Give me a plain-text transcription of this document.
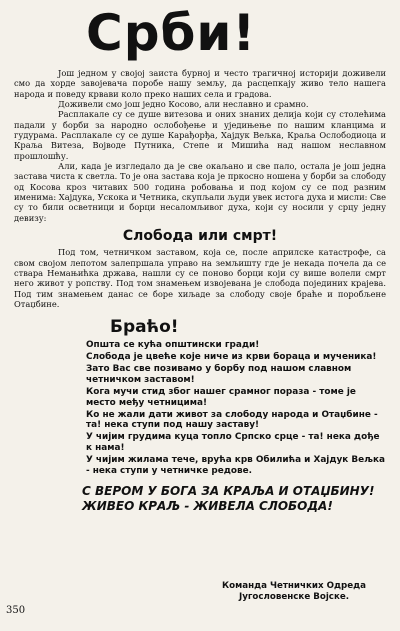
Срби!

Још једном у својој заиста бурној и често трагичној историји доживели смо да хорде завојевача поробе нашу земљу, да расцепкају живо тело нашега народа и поведу крвави коло преко наших села и градова.

Доживели смо још једно Косово, али неславно и срамно.

Расплакале су се душе витезова и оних знаних делија који су столећима падали у борби за народно ослобођење и уједињење по нашим кланцима и гудурама. Расплакале су се душе Карађорђа, Хајдук Вељка, Краља Ослободиоца и Краља Витеза, Војводе Путника, Степе и Мишића над нашом неславном прошлошћу.

Али, када је изгледало да је све окаљано и све пало, остала је још једна застава чиста к светла. То је она застава која је пркосно ношена у борби за слободу од Косова кроз читавих 500 година робовања и под којом су се под разним именима: Хајдука, Ускока и Четника, скупљали људи увек истога духа и мисли: Све су то били осветници и борци несаломљивог духа, који су носили у срцу једну девизу:

Слобода или смрт!

Под том, четничком заставом, која се, после априлске катастрофе, са свом својом лепотом залепршала управо на земљишту где је некада почела да се ствара Немањићка држава, нашли су се поново борци који су више волели смрт него живот у ропству. Под том знамењем извојевана је слобода појединих крајева. Под тим знамењем данас се боре хиљаде за слободу своје браће и поробљене Отаџбине.

Браћо!
Општа се кућа општински гради!
Слобода је цвеће које ниче из крви бораца и мученика!
Зато Вас све позивамо у борбу под нашом славном четничком заставом!
Кога мучи стид због нашег срамног пораза - томе је место међу четницима!
Ко не жали дати живот за слободу народа и Отаџбине - та! нека ступи под нашу заставу!
У чијим грудима куца топло Српско срце - та! нека дође к нама!
У чијим жилама тече, врућа крв Обилића и Хајдук Вељка - нека ступи у четничке редове.
С ВЕРОМ У БОГА ЗА КРАЉА И ОТАЏБИНУ!
ЖИВЕО КРАЉ - ЖИВЕЛА СЛОБОДА!
Команда Четничких Одреда
Југословенске Војске.
350
